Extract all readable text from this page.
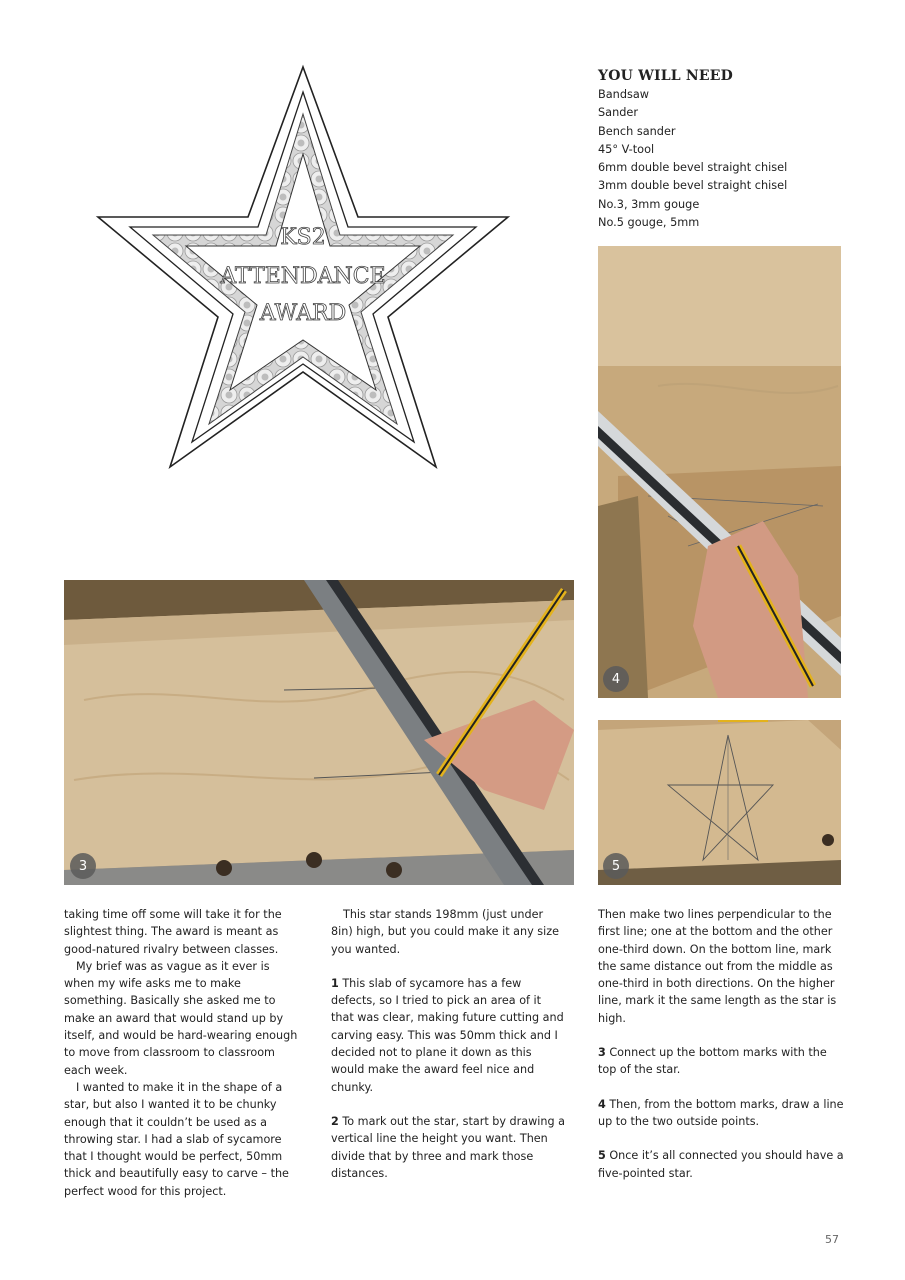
KS2
ATTENDANCE
AWARD
YOU WILL NEED
Bandsaw
Sander
Bench sander
45° V-tool
6mm double bevel straight chisel
3mm double bevel straight chisel
No.3, 3mm gouge
No.5 gouge, 5mm
3
4
5

taking time off some will take it for the slightest thing. The award is meant as good-natured rivalry between classes.

My brief was as vague as it ever is when my wife asks me to make something. Basically she asked me to make an award that would stand up by itself, and would be hard-wearing enough to move from classroom to classroom each week.

I wanted to make it in the shape of a star, but also I wanted it to be chunky enough that it couldn’t be used as a throwing star. I had a slab of sycamore that I thought would be perfect, 50mm thick and beautifully easy to carve – the perfect wood for this project.

This star stands 198mm (just under 8in) high, but you could make it any size you wanted.

1 This slab of sycamore has a few defects, so I tried to pick an area of it that was clear, making future cutting and carving easy. This was 50mm thick and I decided not to plane it down as this would make the award feel nice and chunky.

2 To mark out the star, start by drawing a vertical line the height you want. Then divide that by three and mark those distances.

Then make two lines perpendicular to the first line; one at the bottom and the other one-third down. On the bottom line, mark the same distance out from the middle as one-third in both directions. On the higher line, mark it the same length as the star is high.

3 Connect up the bottom marks with the top of the star.

4 Then, from the bottom marks, draw a line up to the two outside points.

5 Once it’s all connected you should have a five-pointed star.

57
